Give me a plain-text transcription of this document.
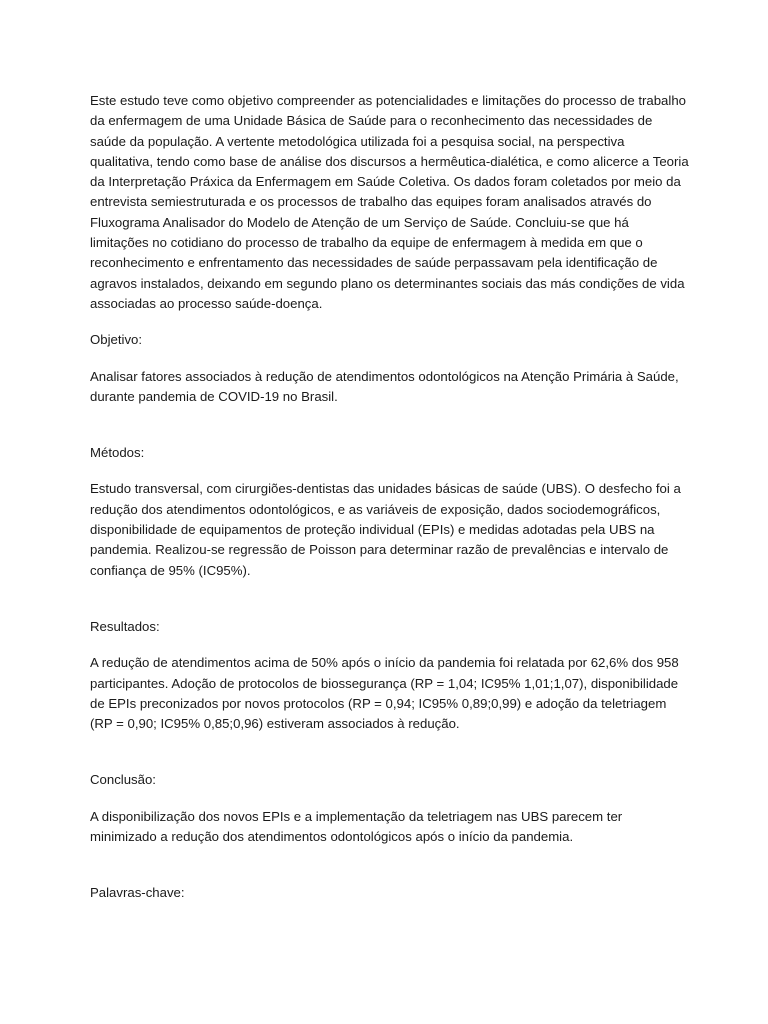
Este estudo teve como objetivo compreender as potencialidades e limitações do processo de trabalho da enfermagem de uma Unidade Básica de Saúde para o reconhecimento das necessidades de saúde da população. A vertente metodológica utilizada foi a pesquisa social, na perspectiva qualitativa, tendo como base de análise dos discursos a hermêutica-dialética, e como alicerce a Teoria da Interpretação Práxica da Enfermagem em Saúde Coletiva. Os dados foram coletados por meio da entrevista semiestruturada e os processos de trabalho das equipes foram analisados através do Fluxograma Analisador do Modelo de Atenção de um Serviço de Saúde. Concluiu-se que há limitações no cotidiano do processo de trabalho da equipe de enfermagem à medida em que o reconhecimento e enfrentamento das necessidades de saúde perpassavam pela identificação de agravos instalados, deixando em segundo plano os determinantes sociais das más condições de vida associadas ao processo saúde-doença.

Objetivo:

Analisar fatores associados à redução de atendimentos odontológicos na Atenção Primária à Saúde, durante pandemia de COVID-19 no Brasil.

Métodos:

Estudo transversal, com cirurgiões-dentistas das unidades básicas de saúde (UBS). O desfecho foi a redução dos atendimentos odontológicos, e as variáveis de exposição, dados sociodemográficos, disponibilidade de equipamentos de proteção individual (EPIs) e medidas adotadas pela UBS na pandemia. Realizou-se regressão de Poisson para determinar razão de prevalências e intervalo de confiança de 95% (IC95%).

Resultados:

A redução de atendimentos acima de 50% após o início da pandemia foi relatada por 62,6% dos 958 participantes. Adoção de protocolos de biossegurança (RP = 1,04; IC95% 1,01;1,07), disponibilidade de EPIs preconizados por novos protocolos (RP = 0,94; IC95% 0,89;0,99) e adoção da teletriagem (RP = 0,90; IC95% 0,85;0,96) estiveram associados à redução.

Conclusão:

A disponibilização dos novos EPIs e a implementação da teletriagem nas UBS parecem ter minimizado a redução dos atendimentos odontológicos após o início da pandemia.

Palavras-chave:
